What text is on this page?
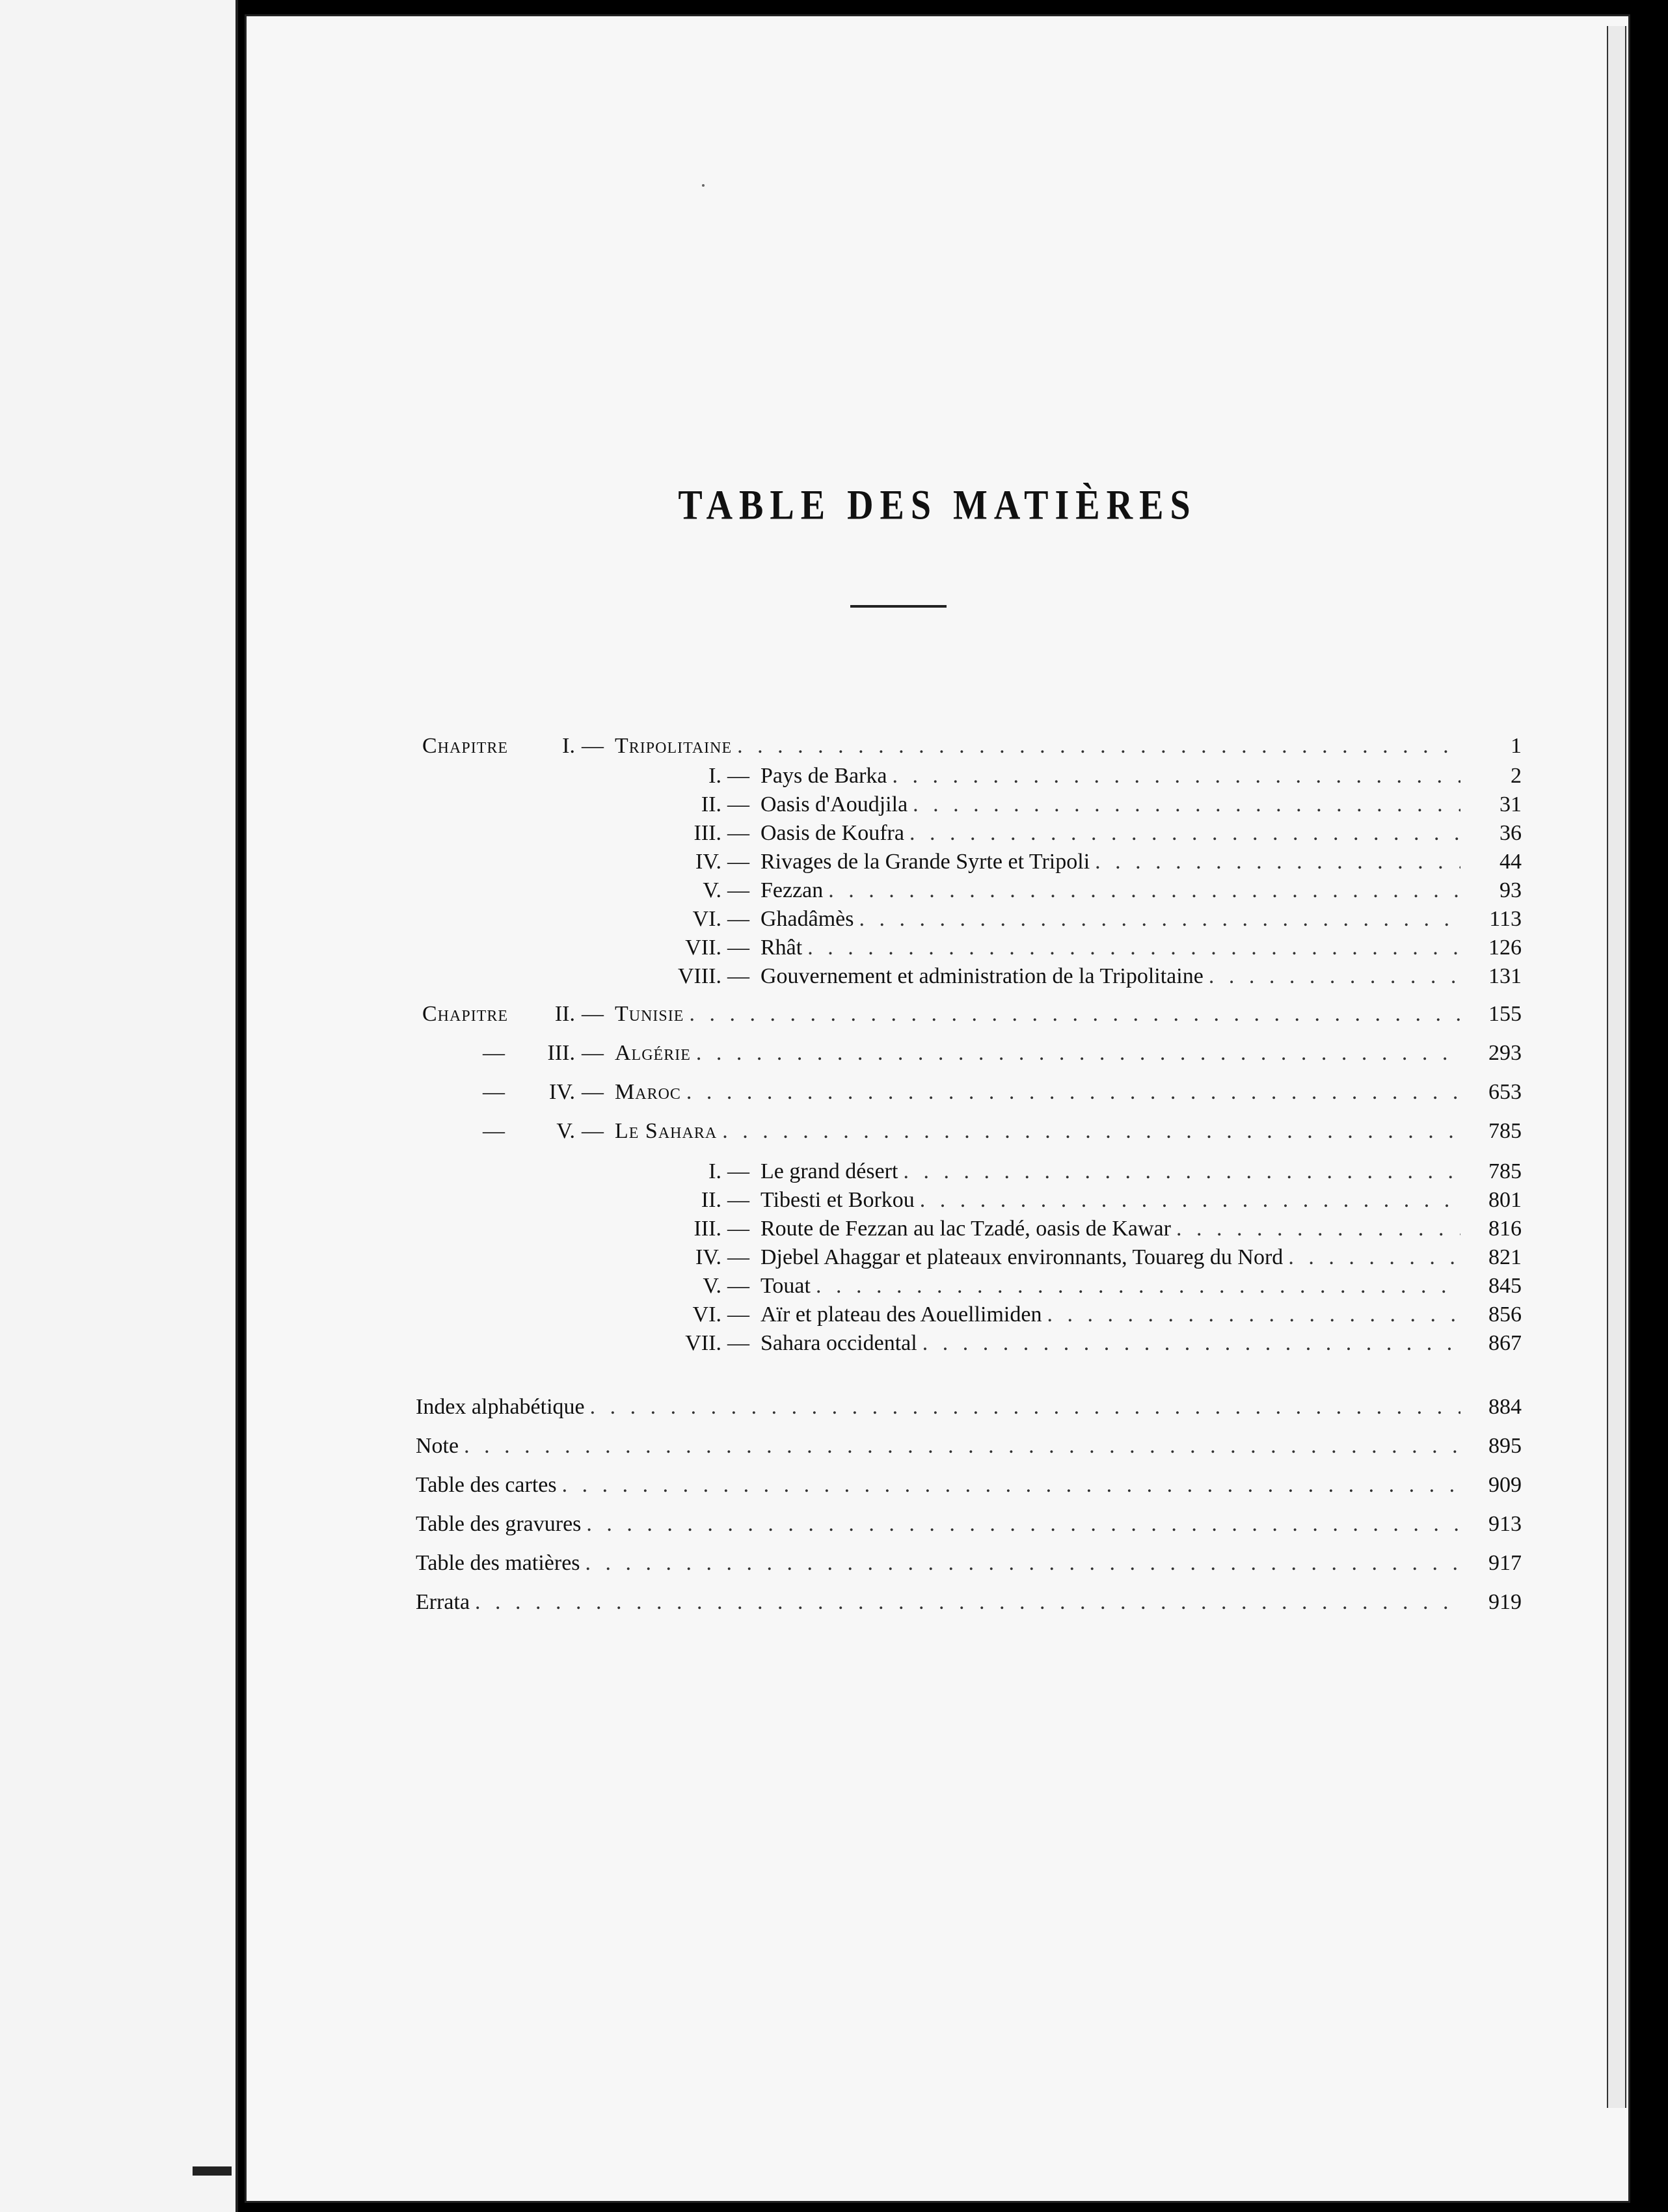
TABLE DES MATIÈRES
Chapitre	I. — Tripolitaine . . .	1
I. — Pays de Barka . . .	2
II. — Oasis d'Aoudjila . . .	31
III. — Oasis de Koufra . . .	36
IV. — Rivages de la Grande Syrte et Tripoli . . .	44
V. — Fezzan . . .	93
VI. — Ghadâmès . . .	113
VII. — Rhât . . .	126
VIII. — Gouvernement et administration de la Tripolitaine . . .	131
Chapitre	II. — Tunisie . . .	155
—	III. — Algérie . . .	293
—	IV. — Maroc . . .	653
—	V. — Le Sahara . . .	785
I. — Le grand désert . . .	785
II. — Tibesti et Borkou . . .	801
III. — Route de Fezzan au lac Tzadé, oasis de Kawar . . .	816
IV. — Djebel Ahaggar et plateaux environnants, Touareg du Nord . . .	821
V. — Touat . . .	845
VI. — Aïr et plateau des Aouellimiden . . .	856
VII. — Sahara occidental . . .	867
Index alphabétique . . .	884
Note . . .	895
Table des cartes . . .	909
Table des gravures . . .	913
Table des matières . . .	917
Errata . . .	919
